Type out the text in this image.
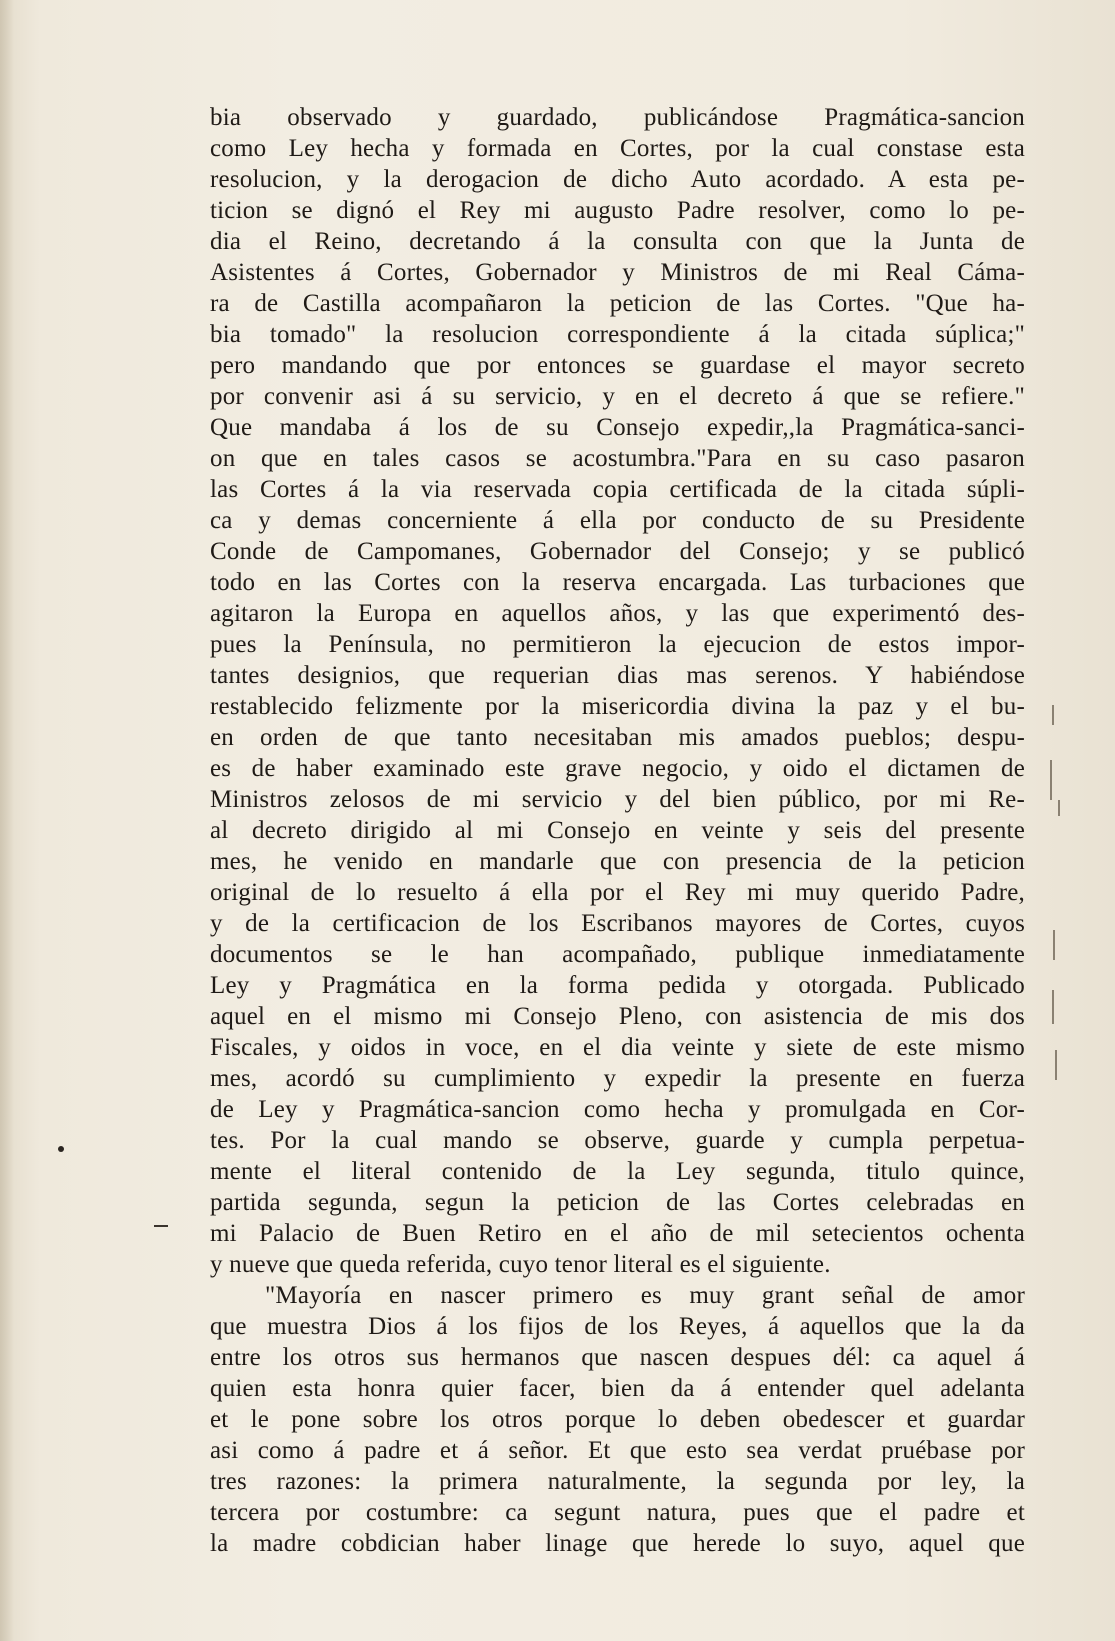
bia observado y guardado, publicándose Pragmática-sancion
como Ley hecha y formada en Cortes, por la cual constase esta
resolucion, y la derogacion de dicho Auto acordado. A esta pe-
ticion se dignó el Rey mi augusto Padre resolver, como lo pe-
dia el Reino, decretando á la consulta con que la Junta de
Asistentes á Cortes, Gobernador y Ministros de mi Real Cáma-
ra de Castilla acompañaron la peticion de las Cortes. "Que ha-
bia tomado" la resolucion correspondiente á la citada súplica;"
pero mandando que por entonces se guardase el mayor secreto
por convenir asi á su servicio, y en el decreto á que se refiere."
Que mandaba á los de su Consejo expedir,,la Pragmática-sanci-
on que en tales casos se acostumbra."Para en su caso pasaron
las Cortes á la via reservada copia certificada de la citada súpli-
ca y demas concerniente á ella por conducto de su Presidente
Conde de Campomanes, Gobernador del Consejo; y se publicó
todo en las Cortes con la reserva encargada. Las turbaciones que
agitaron la Europa en aquellos años, y las que experimentó des-
pues la Península, no permitieron la ejecucion de estos impor-
tantes designios, que requerian dias mas serenos. Y habiéndose
restablecido felizmente por la misericordia divina la paz y el bu-
en orden de que tanto necesitaban mis amados pueblos; despu-
es de haber examinado este grave negocio, y oido el dictamen de
Ministros zelosos de mi servicio y del bien público, por mi Re-
al decreto dirigido al mi Consejo en veinte y seis del presente
mes, he venido en mandarle que con presencia de la peticion
original de lo resuelto á ella por el Rey mi muy querido Padre,
y de la certificacion de los Escribanos mayores de Cortes, cuyos
documentos se le han acompañado, publique inmediatamente
Ley y Pragmática en la forma pedida y otorgada. Publicado
aquel en el mismo mi Consejo Pleno, con asistencia de mis dos
Fiscales, y oidos in voce, en el dia veinte y siete de este mismo
mes, acordó su cumplimiento y expedir la presente en fuerza
de Ley y Pragmática-sancion como hecha y promulgada en Cor-
tes. Por la cual mando se observe, guarde y cumpla perpetua-
mente el literal contenido de la Ley segunda, titulo quince,
partida segunda, segun la peticion de las Cortes celebradas en
mi Palacio de Buen Retiro en el año de mil setecientos ochenta
y nueve que queda referida, cuyo tenor literal es el siguiente.
"Mayoría en nascer primero es muy grant señal de amor
que muestra Dios á los fijos de los Reyes, á aquellos que la da
entre los otros sus hermanos que nascen despues dél: ca aquel á
quien esta honra quier facer, bien da á entender quel adelanta
et le pone sobre los otros porque lo deben obedescer et guardar
asi como á padre et á señor. Et que esto sea verdat pruébase por
tres razones: la primera naturalmente, la segunda por ley, la
tercera por costumbre: ca segunt natura, pues que el padre et
la madre cobdician haber linage que herede lo suyo, aquel que
